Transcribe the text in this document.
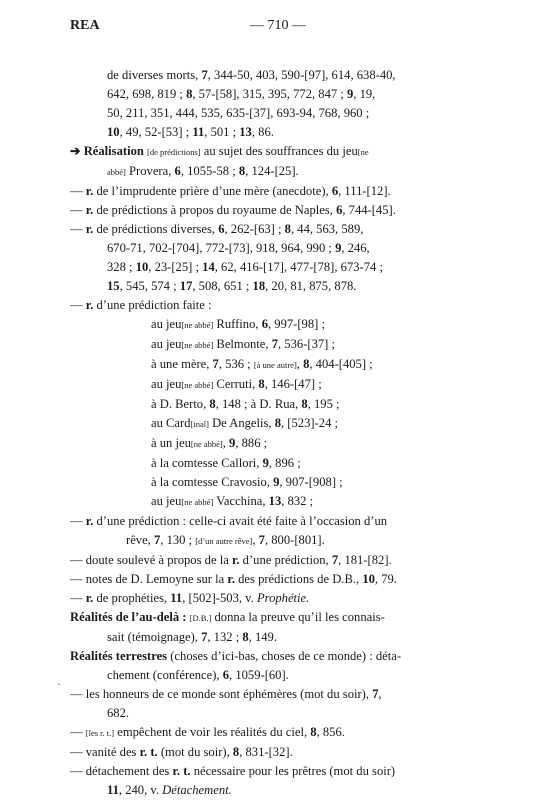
REA	— 710 —
de diverses morts, 7, 344-50, 403, 590-[97], 614, 638-40,
642, 698, 819 ; 8, 57-[58], 315, 395, 772, 847 ; 9, 19,
50, 211, 351, 444, 535, 635-[37], 693-94, 768, 960 ;
10, 49, 52-[53] ; 11, 501 ; 13, 86.
➔ Réalisation [de prédictions] au sujet des souffrances du jeu[ne
abbé] Provera, 6, 1055-58 ; 8, 124-[25].
— r. de l’imprudente prière d’une mère (anecdote), 6, 111-[12].
— r. de prédictions à propos du royaume de Naples, 6, 744-[45].
— r. de prédictions diverses, 6, 262-[63] ; 8, 44, 563, 589,
670-71, 702-[704], 772-[73], 918, 964, 990 ; 9, 246,
328 ; 10, 23-[25] ; 14, 62, 416-[17], 477-[78], 673-74 ;
15, 545, 574 ; 17, 508, 651 ; 18, 20, 81, 875, 878.
— r. d’une prédiction faite :
au jeu[ne abbé] Ruffino, 6, 997-[98] ;
au jeu[ne abbé] Belmonte, 7, 536-[37] ;
à une mère, 7, 536 ; [à une autre], 8, 404-[405] ;
au jeu[ne abbé] Cerruti, 8, 146-[47] ;
à D. Berto, 8, 148 ; à D. Rua, 8, 195 ;
au Card[inal] De Angelis, 8, [523]-24 ;
à un jeu[ne abbé], 9, 886 ;
à la comtesse Callori, 9, 896 ;
à la comtesse Cravosio, 9, 907-[908] ;
au jeu[ne abbé] Vacchina, 13, 832 ;
— r. d’une prédiction : celle-ci avait été faite à l’occasion d’un
rêve, 7, 130 ; [d’un autre rêve], 7, 800-[801].
— doute soulevé à propos de la r. d’une prédiction, 7, 181-[82].
— notes de D. Lemoyne sur la r. des prédictions de D.B., 10, 79.
— r. de prophéties, 11, [502]-503, v. Prophétie.
Réalités de l’au-delà : [D.B.] donna la preuve qu’il les connais-
sait (témoignage), 7, 132 ; 8, 149.
Réalités terrestres (choses d’ici-bas, choses de ce monde) : déta-
chement (conférence), 6, 1059-[60].
— les honneurs de ce monde sont éphémères (mot du soir), 7,
682.
— [les r. t.] empêchent de voir les réalités du ciel, 8, 856.
— vanité des r. t. (mot du soir), 8, 831-[32].
— détachement des r. t. nécessaire pour les prêtres (mot du soir)
11, 240, v. Détachement.
·
